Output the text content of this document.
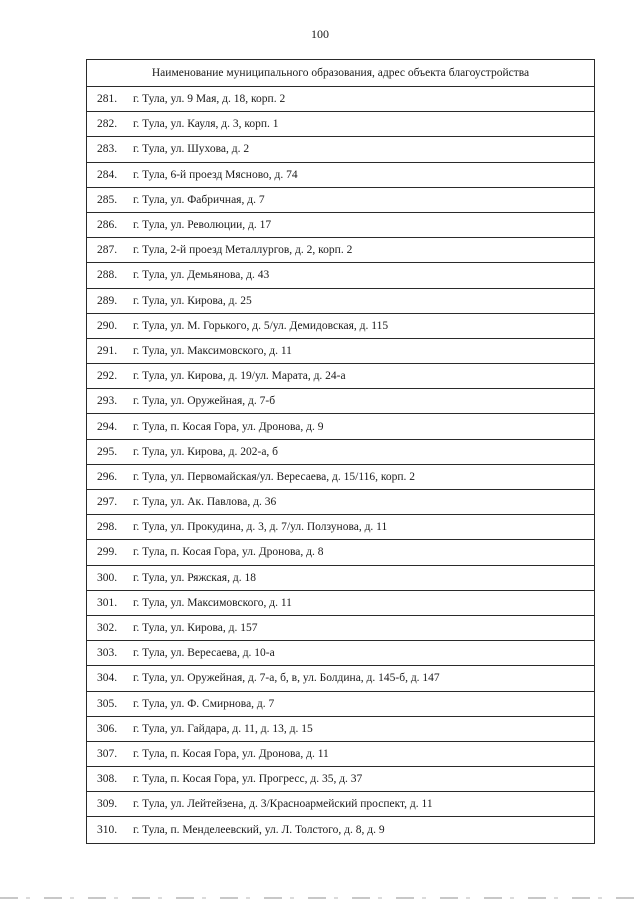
100
Наименование муниципального образования, адрес объекта благоустройства
281.	г. Тула, ул. 9 Мая, д. 18, корп. 2
282.	г. Тула, ул. Кауля, д. 3, корп. 1
283.	г. Тула, ул. Шухова, д. 2
284.	г. Тула, 6-й проезд Мясново, д. 74
285.	г. Тула, ул. Фабричная, д. 7
286.	г. Тула, ул. Революции, д. 17
287.	г. Тула, 2-й проезд Металлургов, д. 2, корп. 2
288.	г. Тула, ул. Демьянова, д. 43
289.	г. Тула, ул. Кирова, д. 25
290.	г. Тула, ул. М. Горького, д. 5/ул. Демидовская, д. 115
291.	г. Тула, ул. Максимовского, д. 11
292.	г. Тула, ул. Кирова, д. 19/ул. Марата, д. 24-а
293.	г. Тула, ул. Оружейная, д. 7-б
294.	г. Тула, п. Косая Гора, ул. Дронова, д. 9
295.	г. Тула, ул. Кирова, д. 202-а, б
296.	г. Тула, ул. Первомайская/ул. Вересаева, д. 15/116, корп. 2
297.	г. Тула, ул. Ак. Павлова, д. 36
298.	г. Тула, ул. Прокудина, д. 3, д. 7/ул. Ползунова, д. 11
299.	г. Тула, п. Косая Гора, ул. Дронова, д. 8
300.	г. Тула, ул. Ряжская, д. 18
301.	г. Тула, ул. Максимовского, д. 11
302.	г. Тула, ул. Кирова, д. 157
303.	г. Тула, ул. Вересаева, д. 10-а
304.	г. Тула, ул. Оружейная, д. 7-а, б, в, ул. Болдина, д. 145-б, д. 147
305.	г. Тула, ул. Ф. Смирнова, д. 7
306.	г. Тула, ул. Гайдара, д. 11, д. 13, д. 15
307.	г. Тула, п. Косая Гора, ул. Дронова, д. 11
308.	г. Тула, п. Косая Гора, ул. Прогресс, д. 35, д. 37
309.	г. Тула, ул. Лейтейзена, д. 3/Красноармейский проспект, д. 11
310.	г. Тула, п. Менделеевский, ул. Л. Толстого, д. 8, д. 9
